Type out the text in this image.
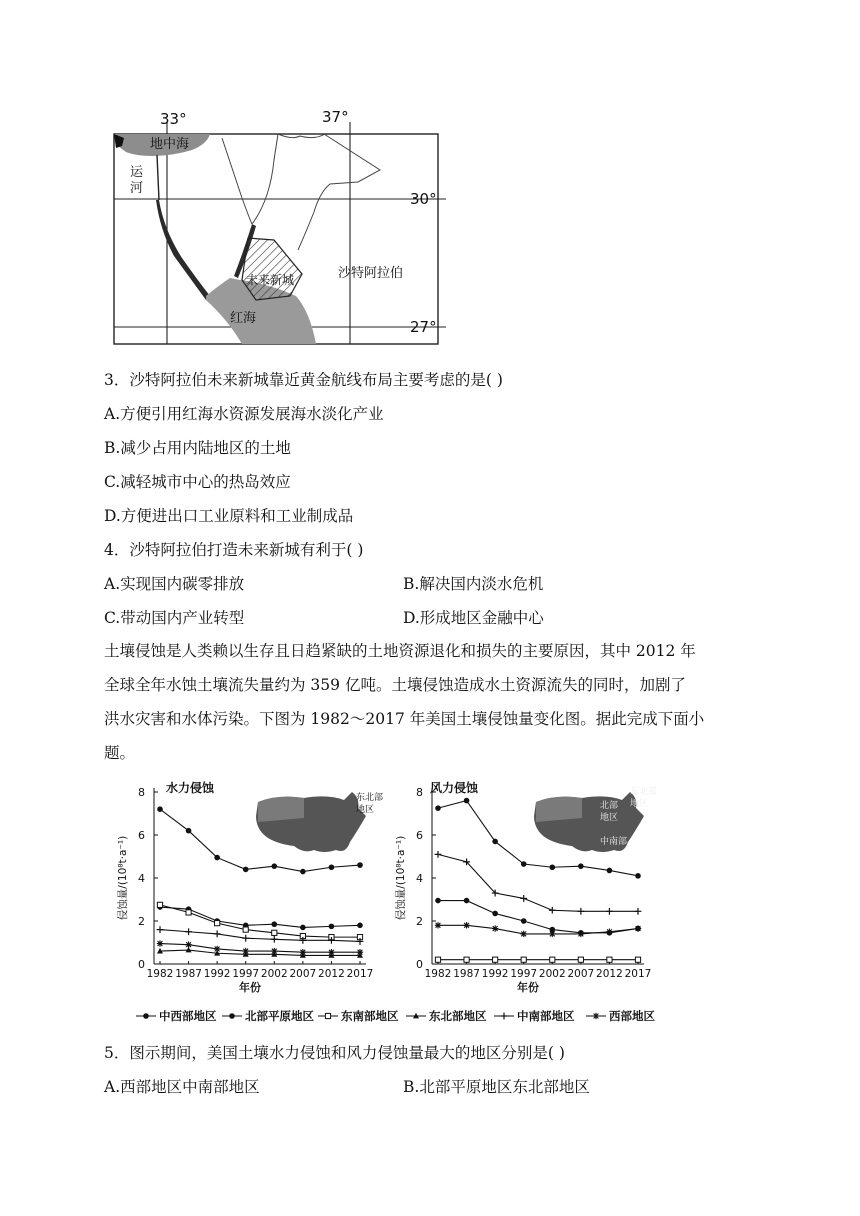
33°	37°
30°
27°
地中海
运
河
沙特阿拉伯
未来新城
红海
3．沙特阿拉伯未来新城靠近黄金航线布局主要考虑的是( )
A.方便引用红海水资源发展海水淡化产业
B.减少占用内陆地区的土地
C.减轻城市中心的热岛效应
D.方便进出口工业原料和工业制成品
4．沙特阿拉伯打造未来新城有利于( )
A.实现国内碳零排放	B.解决国内淡水危机
C.带动国内产业转型	D.形成地区金融中心
土壤侵蚀是人类赖以生存且日趋紧缺的土地资源退化和损失的主要原因，其中 2012 年
全球全年水蚀土壤流失量约为 359 亿吨。土壤侵蚀造成水土资源流失的同时，加剧了
洪水灾害和水体污染。下图为 1982～2017 年美国土壤侵蚀量变化图。据此完成下面小
题。
东北部
地区
水力侵蚀
0
2
4
6
8
1982 1987 1992 1997 2002 2007 2012 2017
侵蚀量/(10⁸t·a⁻¹)
年份
北部
地区
东北部
地区
中南部
风力侵蚀
0
2
4
6
8
1982 1987 1992 1997 2002 2007 2012 2017
侵蚀量/(10⁸t·a⁻¹)
年份
中西部地区 北部平原地区 东南部地区	东北部地区	中南部地区	西部地区
5．图示期间，美国土壤水力侵蚀和风力侵蚀量最大的地区分别是( )
A.西部地区中南部地区	B.北部平原地区东北部地区
